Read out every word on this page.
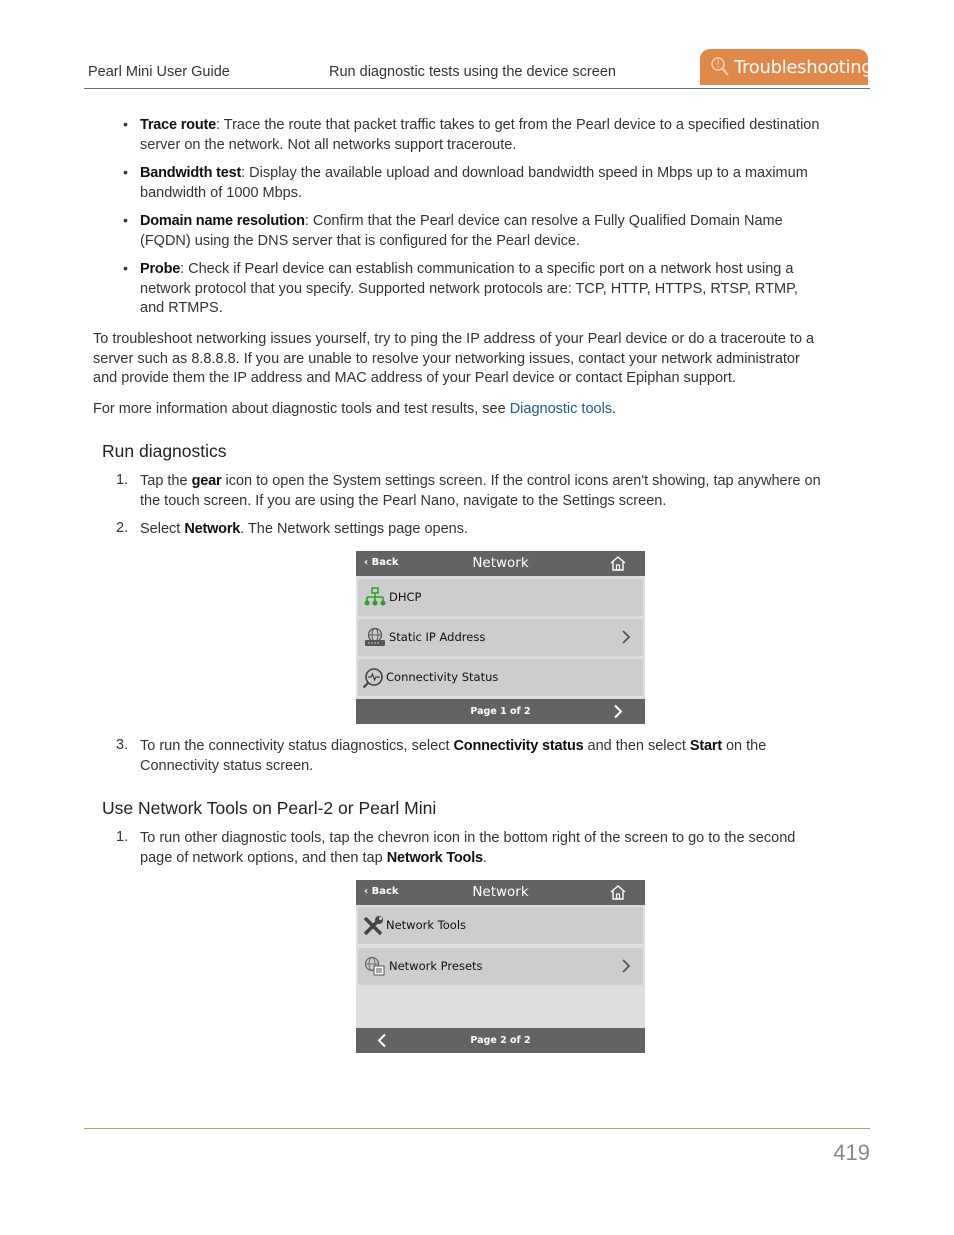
Pearl Mini User Guide	Run diagnostic tests using the device screen	Troubleshooting
• Trace route: Trace the route that packet traffic takes to get from the Pearl device to a specified destination
server on the network. Not all networks support traceroute.
• Bandwidth test: Display the available upload and download bandwidth speed in Mbps up to a maximum
bandwidth of 1000 Mbps.
• Domain name resolution: Confirm that the Pearl device can resolve a Fully Qualified Domain Name
(FQDN) using the DNS server that is configured for the Pearl device.
• Probe: Check if Pearl device can establish communication to a specific port on a network host using a
network protocol that you specify. Supported network protocols are: TCP, HTTP, HTTPS, RTSP, RTMP,
and RTMPS.
To troubleshoot networking issues yourself, try to ping the IP address of your Pearl device or do a traceroute to a
server such as 8.8.8.8. If you are unable to resolve your networking issues, contact your network administrator
and provide them the IP address and MAC address of your Pearl device or contact Epiphan support.
For more information about diagnostic tools and test results, see Diagnostic tools.
Run diagnostics
1. Tap the gear icon to open the System settings screen. If the control icons aren't showing, tap anywhere on
the touch screen. If you are using the Pearl Nano, navigate to the Settings screen.
2. Select Network. The Network settings page opens.
‹ Back	Network
DHCP
Static IP Address
Connectivity Status
Page 1 of 2
3. To run the connectivity status diagnostics, select Connectivity status and then select Start on the
Connectivity status screen.
Use Network Tools on Pearl-2 or Pearl Mini
1. To run other diagnostic tools, tap the chevron icon in the bottom right of the screen to go to the second
page of network options, and then tap Network Tools.
‹ Back	Network
Network Tools
Network Presets
Page 2 of 2
419
